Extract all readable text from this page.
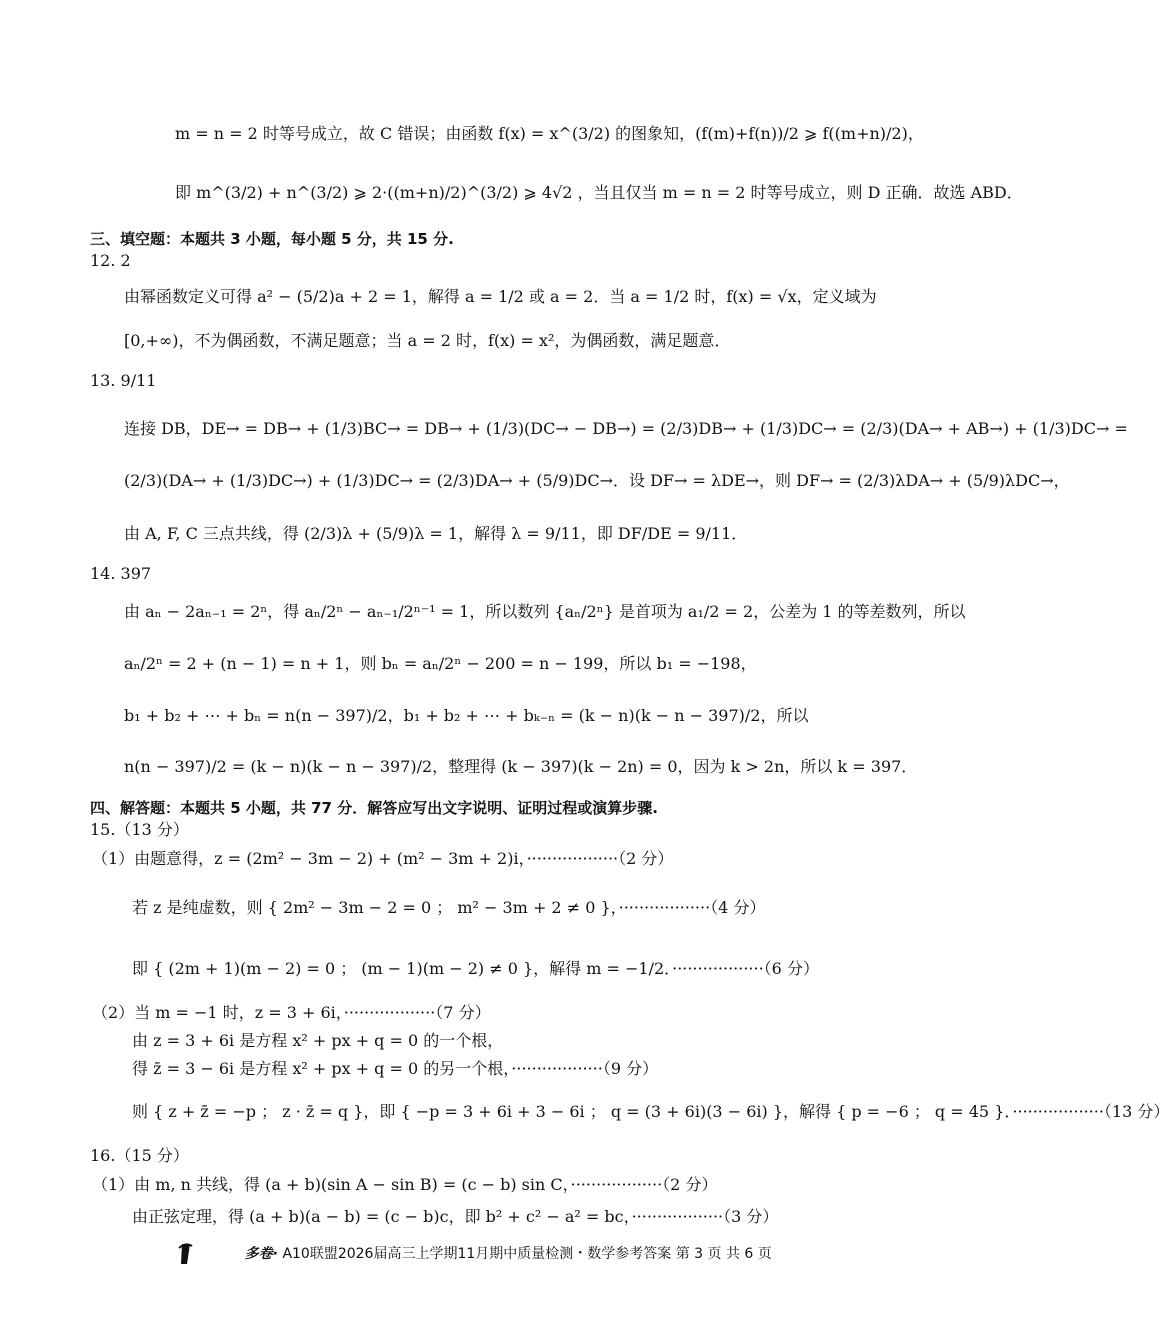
m = n = 2 时等号成立，故 C 错误；由函数 f(x) = x^(3/2) 的图象知，(f(m)+f(n))/2 ⩾ f((m+n)/2)，
即 m^(3/2) + n^(3/2) ⩾ 2·((m+n)/2)^(3/2) ⩾ 4√2 ，当且仅当 m = n = 2 时等号成立，则 D 正确．故选 ABD．
三、填空题：本题共 3 小题，每小题 5 分，共 15 分.
12. 2
由幂函数定义可得 a² − (5/2)a + 2 = 1，解得 a = 1/2 或 a = 2．当 a = 1/2 时，f(x) = √x，定义域为
[0,+∞)，不为偶函数，不满足题意；当 a = 2 时，f(x) = x²，为偶函数，满足题意．
13. 9/11
连接 DB，DE→ = DB→ + (1/3)BC→ = DB→ + (1/3)(DC→ − DB→) = (2/3)DB→ + (1/3)DC→ = (2/3)(DA→ + AB→) + (1/3)DC→ =
(2/3)(DA→ + (1/3)DC→) + (1/3)DC→ = (2/3)DA→ + (5/9)DC→．设 DF→ = λDE→，则 DF→ = (2/3)λDA→ + (5/9)λDC→，
由 A, F, C 三点共线，得 (2/3)λ + (5/9)λ = 1，解得 λ = 9/11，即 DF/DE = 9/11．
14. 397
由 aₙ − 2aₙ₋₁ = 2ⁿ，得 aₙ/2ⁿ − aₙ₋₁/2ⁿ⁻¹ = 1，所以数列 {aₙ/2ⁿ} 是首项为 a₁/2 = 2，公差为 1 的等差数列，所以
aₙ/2ⁿ = 2 + (n − 1) = n + 1，则 bₙ = aₙ/2ⁿ − 200 = n − 199，所以 b₁ = −198，
b₁ + b₂ + ⋯ + bₙ = n(n − 397)/2，b₁ + b₂ + ⋯ + bₖ₋ₙ = (k − n)(k − n − 397)/2，所以
n(n − 397)/2 = (k − n)(k − n − 397)/2，整理得 (k − 397)(k − 2n) = 0，因为 k > 2n，所以 k = 397．
四、解答题：本题共 5 小题，共 77 分．解答应写出文字说明、证明过程或演算步骤.
15.（13 分）
（1）由题意得，z = (2m² − 3m − 2) + (m² − 3m + 2)i，··················（2 分）
若 z 是纯虚数，则 { 2m² − 3m − 2 = 0 ； m² − 3m + 2 ≠ 0 }，··················（4 分）
即 { (2m + 1)(m − 2) = 0 ； (m − 1)(m − 2) ≠ 0 }，解得 m = −1/2．··················（6 分）
（2）当 m = −1 时，z = 3 + 6i，··················（7 分）
由 z = 3 + 6i 是方程 x² + px + q = 0 的一个根，
得 z̄ = 3 − 6i 是方程 x² + px + q = 0 的另一个根，··················（9 分）
则 { z + z̄ = −p ； z · z̄ = q }，即 { −p = 3 + 6i + 3 − 6i ； q = (3 + 6i)(3 − 6i) }，解得 { p = −6 ； q = 45 }．··················（13 分）
16.（15 分）
（1）由 m, n 共线，得 (a + b)(sin A − sin B) = (c − b) sin C，··················（2 分）
由正弦定理，得 (a + b)(a − b) = (c − b)c，即 b² + c² − a² = bc，··················（3 分）
多卷· A10联盟2026届高三上学期11月期中质量检测・数学参考答案 第 3 页 共 6 页
